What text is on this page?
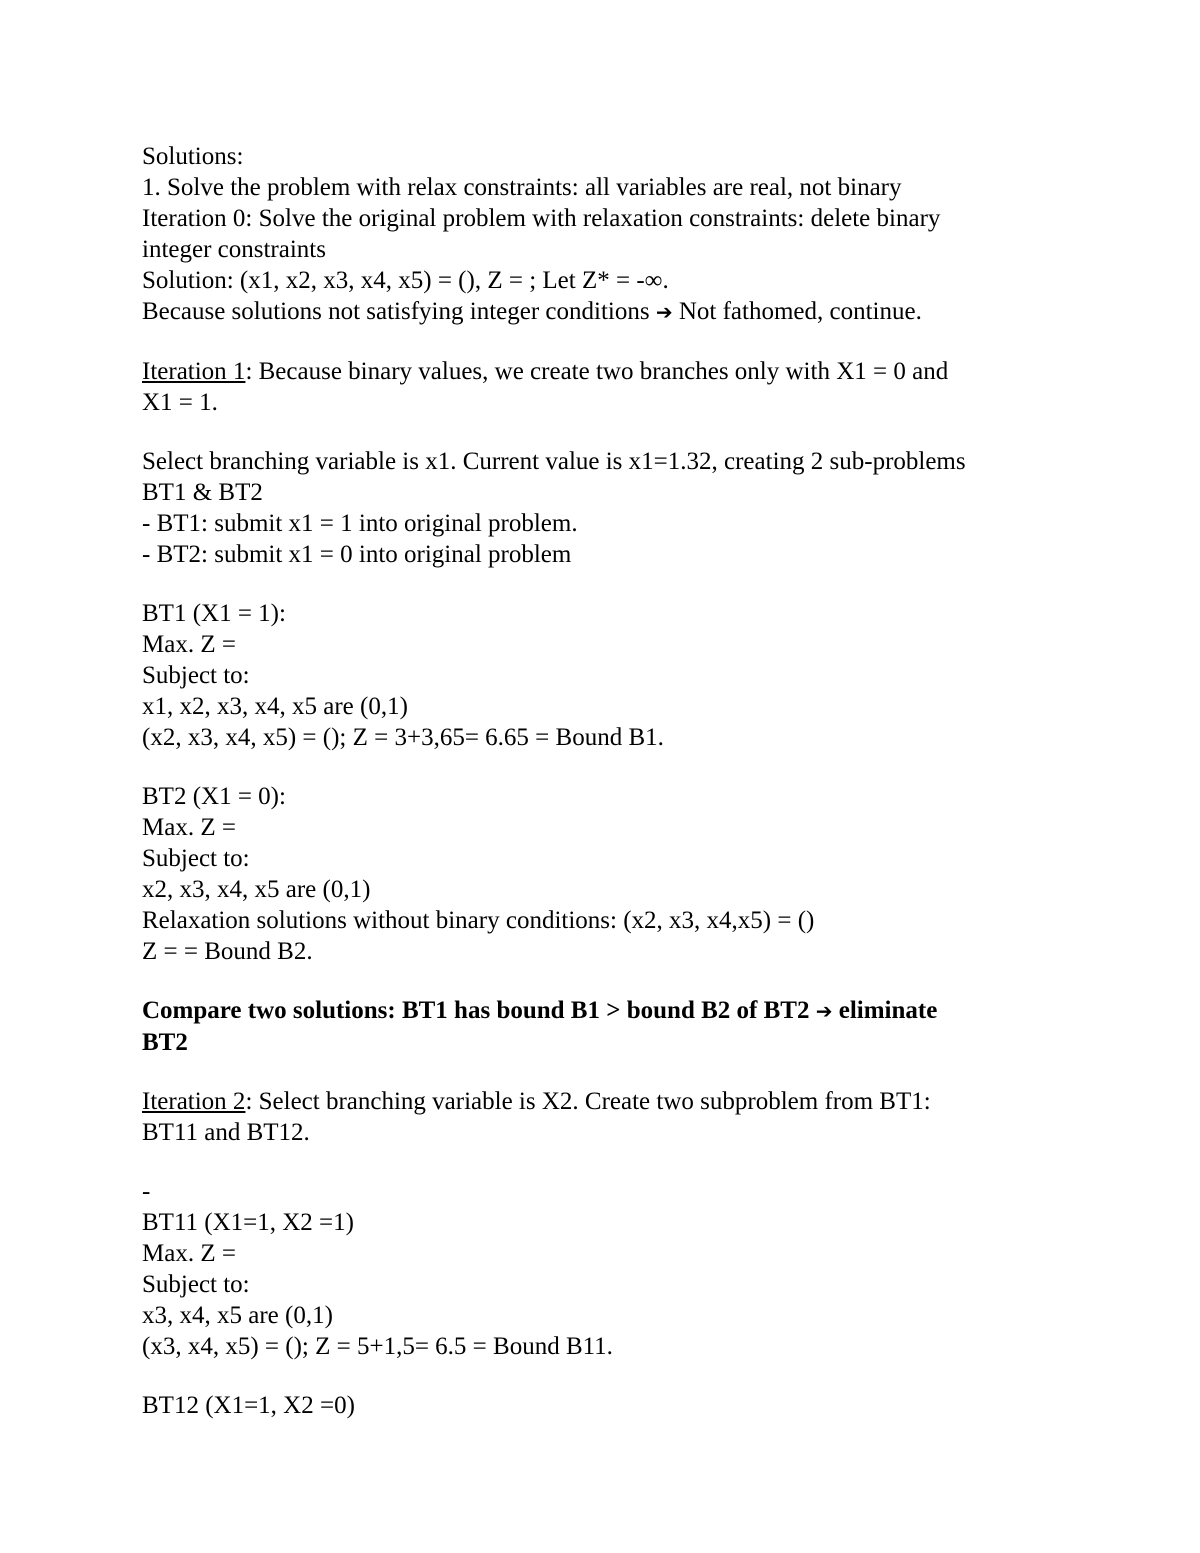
Solutions:

1. Solve the problem with relax constraints: all variables are real, not binary

Iteration 0: Solve the original problem with relaxation constraints: delete binary

integer constraints

Solution: (x1, x2, x3, x4, x5) = (), Z = ; Let Z* = -∞.

Because solutions not satisfying integer conditions ➔ Not fathomed, continue.

Iteration 1: Because binary values, we create two branches only with X1 = 0 and

X1 = 1.

Select branching variable is x1. Current value is x1=1.32, creating 2 sub-problems

BT1 & BT2

- BT1: submit x1 = 1 into original problem.

- BT2: submit x1 = 0 into original problem

BT1 (X1 = 1):

Max. Z =

Subject to:

x1, x2, x3, x4, x5 are (0,1)

(x2, x3, x4, x5) = (); Z = 3+3,65= 6.65 = Bound B1.

BT2 (X1 = 0):

Max. Z =

Subject to:

x2, x3, x4, x5 are (0,1)

Relaxation solutions without binary conditions: (x2, x3, x4,x5) = ()

Z = = Bound B2.

Compare two solutions: BT1 has bound B1 > bound B2 of BT2 ➔ eliminate

BT2

Iteration 2: Select branching variable is X2. Create two subproblem from BT1:

BT11 and BT12.

-

BT11 (X1=1, X2 =1)

Max. Z =

Subject to:

x3, x4, x5 are (0,1)

(x3, x4, x5) = (); Z = 5+1,5= 6.5 = Bound B11.

BT12 (X1=1, X2 =0)
